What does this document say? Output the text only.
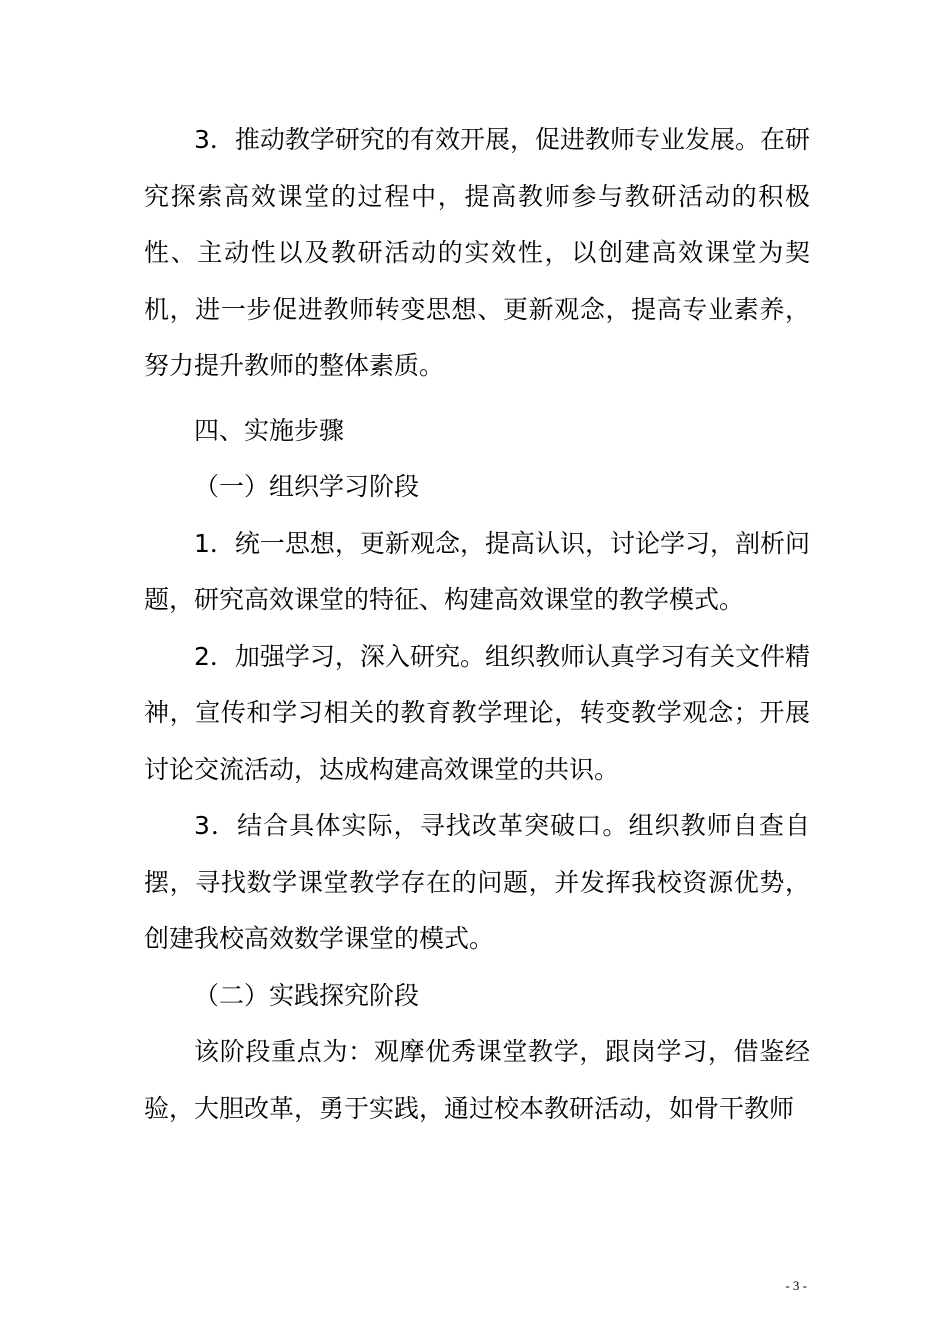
3．推动教学研究的有效开展，促进教师专业发展。在研究探索高效课堂的过程中，提高教师参与教研活动的积极性、主动性以及教研活动的实效性，以创建高效课堂为契机，进一步促进教师转变思想、更新观念，提高专业素养，努力提升教师的整体素质。

四、实施步骤

（一）组织学习阶段

1．统一思想，更新观念，提高认识，讨论学习，剖析问题，研究高效课堂的特征、构建高效课堂的教学模式。

2．加强学习，深入研究。组织教师认真学习有关文件精神，宣传和学习相关的教育教学理论，转变教学观念；开展讨论交流活动，达成构建高效课堂的共识。

3．结合具体实际，寻找改革突破口。组织教师自查自摆，寻找数学课堂教学存在的问题，并发挥我校资源优势，创建我校高效数学课堂的模式。

（二）实践探究阶段

该阶段重点为：观摩优秀课堂教学，跟岗学习，借鉴经验，大胆改革，勇于实践，通过校本教研活动，如骨干教师

- 3 -
